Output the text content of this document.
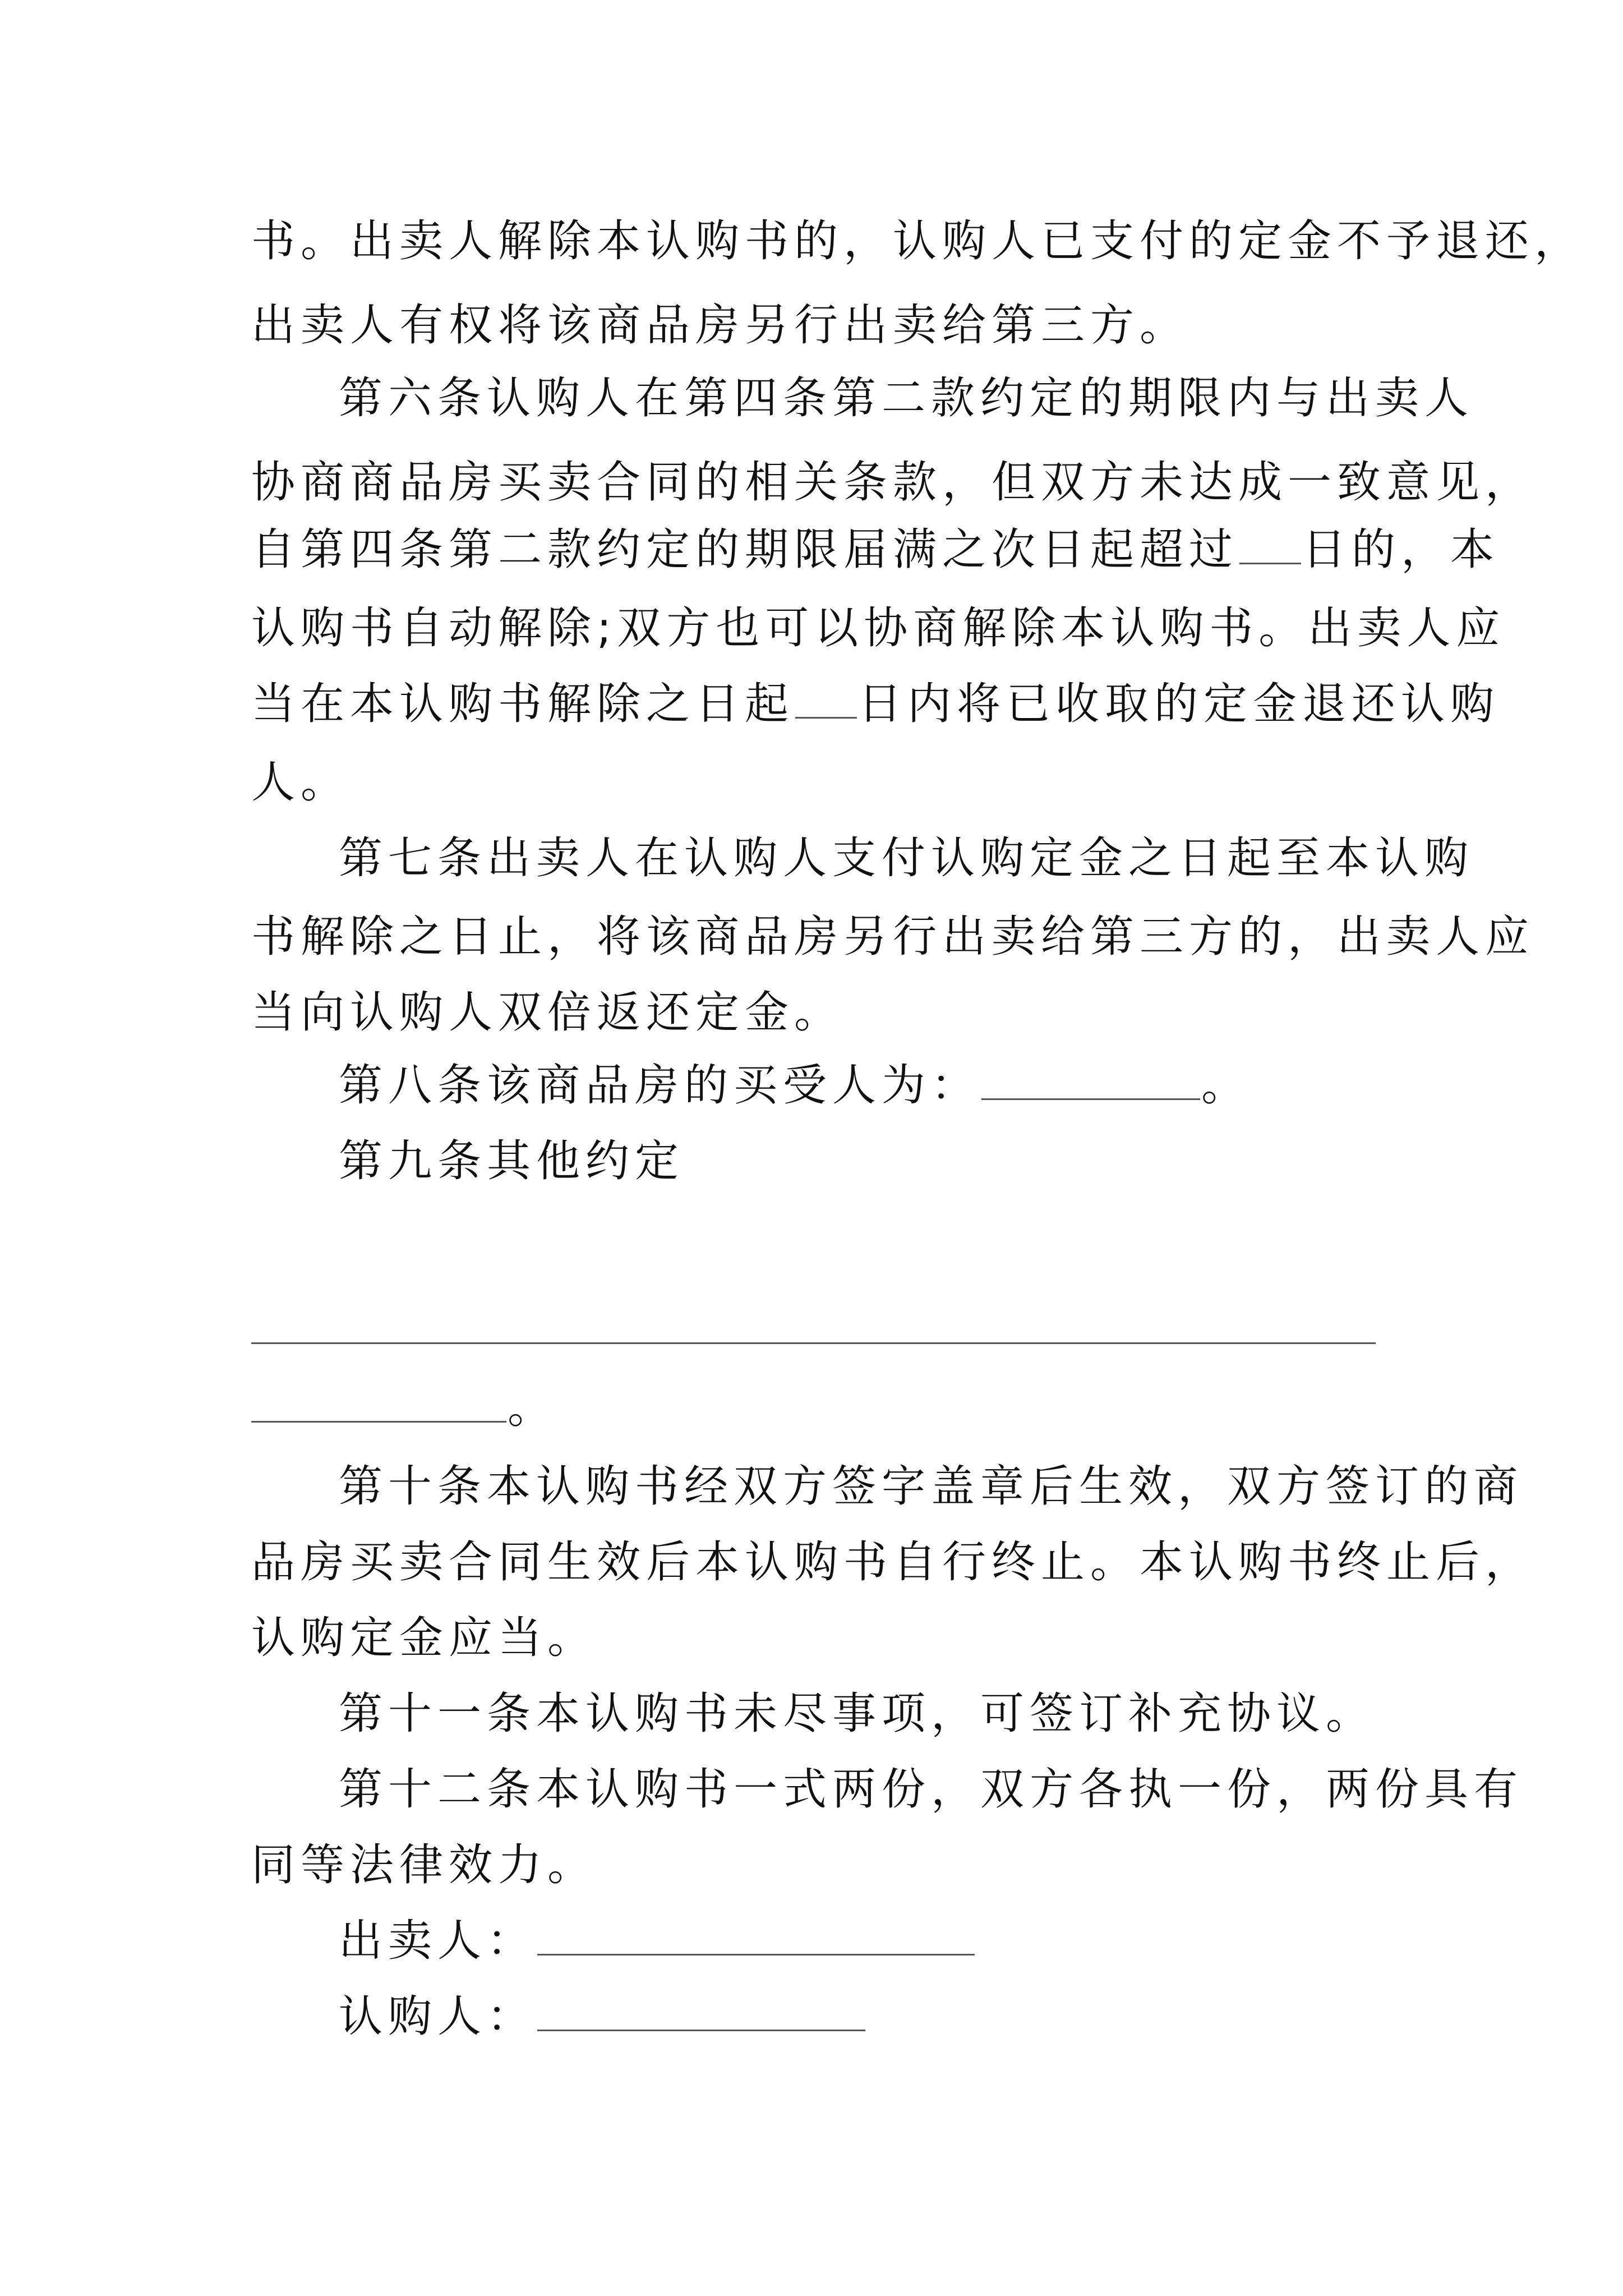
书。出卖人解除本认购书的，认购人已支付的定金不予退还，
出卖人有权将该商品房另行出卖给第三方。
第六条认购人在第四条第二款约定的期限内与出卖人
协商商品房买卖合同的相关条款，但双方未达成一致意见，
自第四条第二款约定的期限届满之次日起超过 日的，本
认购书自动解除;双方也可以协商解除本认购书。出卖人应
当在本认购书解除之日起 日内将已收取的定金退还认购
人。
第七条出卖人在认购人支付认购定金之日起至本认购
书解除之日止，将该商品房另行出卖给第三方的，出卖人应
当向认购人双倍返还定金。
第八条该商品房的买受人为：	。
第九条其他约定
。
第十条本认购书经双方签字盖章后生效，双方签订的商
品房买卖合同生效后本认购书自行终止。本认购书终止后，
认购定金应当。
第十一条本认购书未尽事项，可签订补充协议。
第十二条本认购书一式两份，双方各执一份，两份具有
同等法律效力。
出卖人：
认购人：
